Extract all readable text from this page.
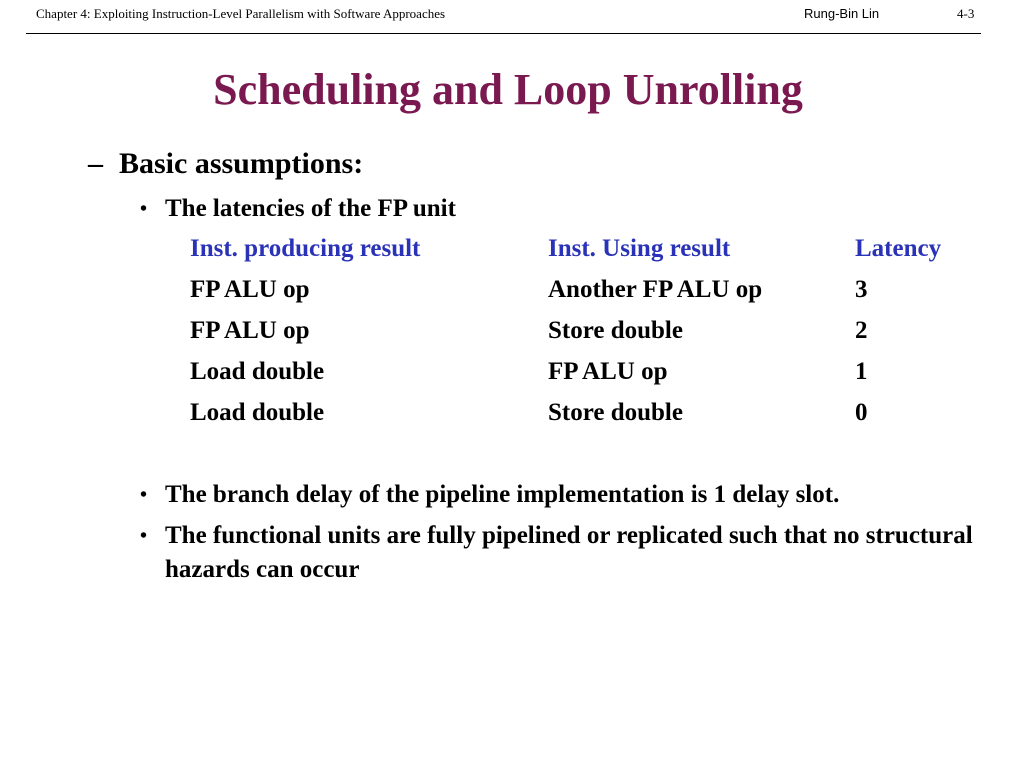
Chapter 4: Exploiting Instruction-Level Parallelism with Software Approaches	Rung-Bin Lin	4-3
Scheduling and Loop Unrolling
– Basic assumptions:
• The latencies of the FP unit
Inst. producing result	Inst. Using result	Latency
FP ALU op	Another FP ALU op	3
FP ALU op	Store double	2
Load double	FP ALU op	1
Load double	Store double	0
• The branch delay of the pipeline implementation is 1 delay slot.
• The functional units are fully pipelined or replicated such that no structural hazards can occur
